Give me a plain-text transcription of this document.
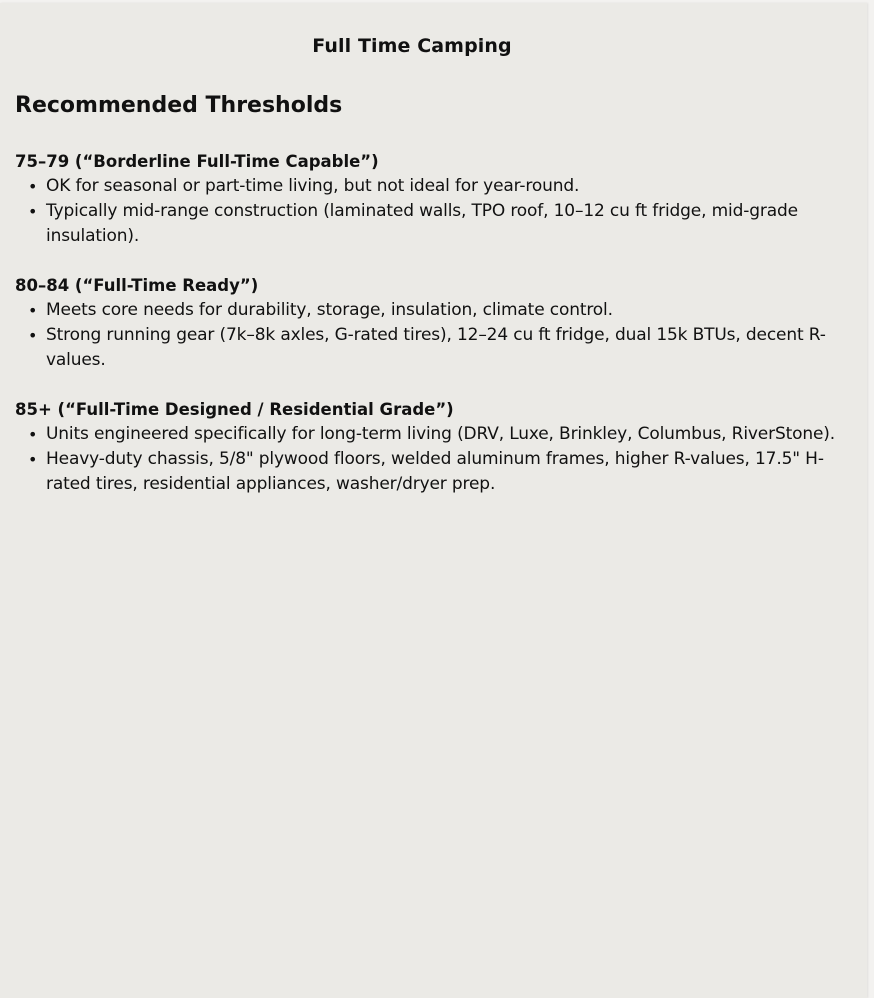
Full Time Camping
Recommended Thresholds

75–79 (“Borderline Full-Time Capable”)

• OK for seasonal or part-time living, but not ideal for year-round.
• Typically mid-range construction (laminated walls, TPO roof, 10–12 cu ft fridge, mid-grade insulation).

80–84 (“Full-Time Ready”)

• Meets core needs for durability, storage, insulation, climate control.
• Strong running gear (7k–8k axles, G-rated tires), 12–24 cu ft fridge, dual 15k BTUs, decent R-values.

85+ (“Full-Time Designed / Residential Grade”)

• Units engineered specifically for long-term living (DRV, Luxe, Brinkley, Columbus, RiverStone).
• Heavy-duty chassis, 5/8" plywood floors, welded aluminum frames, higher R-values, 17.5" H-rated tires, residential appliances, washer/dryer prep.
